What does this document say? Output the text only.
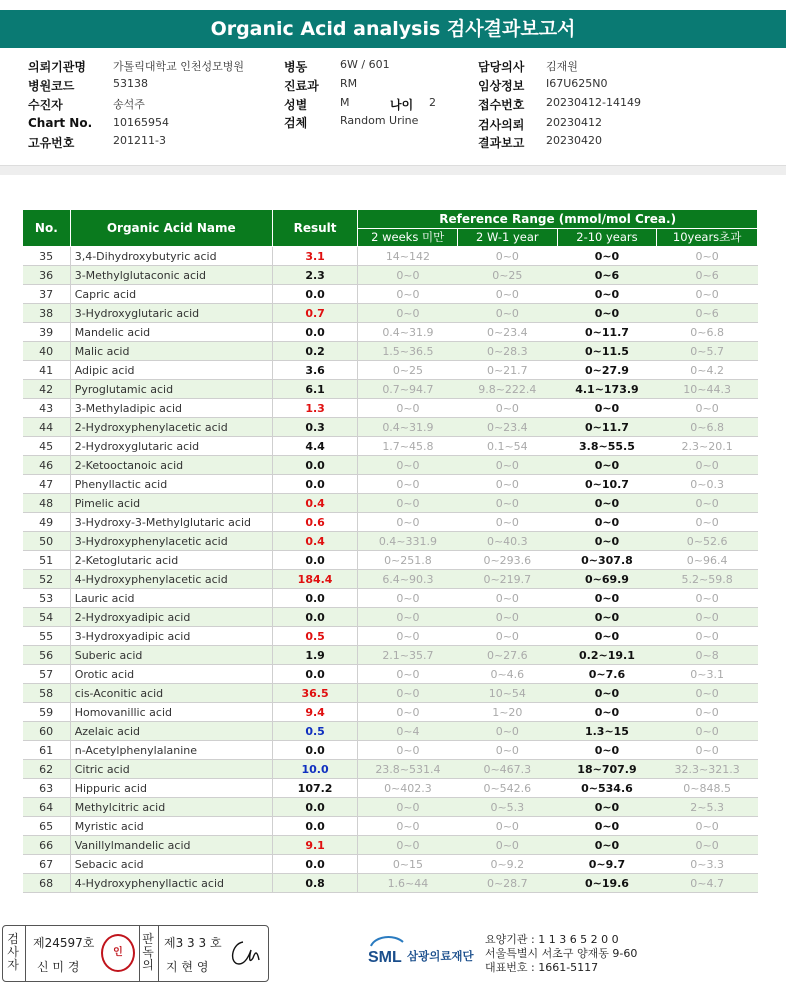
Organic Acid analysis 검사결과보고서
의뢰기관명 가톨릭대학교 인천성모병원
병원코드	53138
수진자	송석주
Chart No. 10165954
고유번호	201211-3
병동	6W / 601
진료과 RM
성별	M	나이 2
검체	Random Urine
담당의사 김재원
임상정보 I67U625N0
접수번호 20230412-14149
검사의뢰 20230412
결과보고 20230420
No.	Organic Acid Name	Result	Reference Range (mmol/mol Crea.)			
			2 weeks 미만	2 W-1 year	2-10 years	10years초과
35	3,4-Dihydroxybutyric acid	3.1	14~142	0~0	0~0	0~0
36	3-Methylglutaconic acid	2.3	0~0	0~25	0~6	0~6
37	Capric acid	0.0	0~0	0~0	0~0	0~0
38	3-Hydroxyglutaric acid	0.7	0~0	0~0	0~0	0~6
39	Mandelic acid	0.0	0.4~31.9	0~23.4	0~11.7	0~6.8
40	Malic acid	0.2	1.5~36.5	0~28.3	0~11.5	0~5.7
41	Adipic acid	3.6	0~25	0~21.7	0~27.9	0~4.2
42	Pyroglutamic acid	6.1	0.7~94.7	9.8~222.4	4.1~173.9	10~44.3
43	3-Methyladipic acid	1.3	0~0	0~0	0~0	0~0
44	2-Hydroxyphenylacetic acid	0.3	0.4~31.9	0~23.4	0~11.7	0~6.8
45	2-Hydroxyglutaric acid	4.4	1.7~45.8	0.1~54	3.8~55.5	2.3~20.1
46	2-Ketooctanoic acid	0.0	0~0	0~0	0~0	0~0
47	Phenyllactic acid	0.0	0~0	0~0	0~10.7	0~0.3
48	Pimelic acid	0.4	0~0	0~0	0~0	0~0
49	3-Hydroxy-3-Methylglutaric acid	0.6	0~0	0~0	0~0	0~0
50	3-Hydroxyphenylacetic acid	0.4	0.4~331.9	0~40.3	0~0	0~52.6
51	2-Ketoglutaric acid	0.0	0~251.8	0~293.6	0~307.8	0~96.4
52	4-Hydroxyphenylacetic acid	184.4	6.4~90.3	0~219.7	0~69.9	5.2~59.8
53	Lauric acid	0.0	0~0	0~0	0~0	0~0
54	2-Hydroxyadipic acid	0.0	0~0	0~0	0~0	0~0
55	3-Hydroxyadipic acid	0.5	0~0	0~0	0~0	0~0
56	Suberic acid	1.9	2.1~35.7	0~27.6	0.2~19.1	0~8
57	Orotic acid	0.0	0~0	0~4.6	0~7.6	0~3.1
58	cis-Aconitic acid	36.5	0~0	10~54	0~0	0~0
59	Homovanillic acid	9.4	0~0	1~20	0~0	0~0
60	Azelaic acid	0.5	0~4	0~0	1.3~15	0~0
61	n-Acetylphenylalanine	0.0	0~0	0~0	0~0	0~0
62	Citric acid	10.0	23.8~531.4	0~467.3	18~707.9	32.3~321.3
63	Hippuric acid	107.2	0~402.3	0~542.6	0~534.6	0~848.5
64	Methylcitric acid	0.0	0~0	0~5.3	0~0	2~5.3
65	Myristic acid	0.0	0~0	0~0	0~0	0~0
66	Vanillylmandelic acid	9.1	0~0	0~0	0~0	0~0
67	Sebacic acid	0.0	0~15	0~9.2	0~9.7	0~3.3
68	4-Hydroxyphenyllactic acid	0.8	1.6~44	0~28.7	0~19.6	0~4.7
검사자
제24597호
신 미 경
인
판독의
제3 3 3 호
지 현 영
SML 삼광의료재단
요양기관 : 1 1 3 6 5 2 0 0
서울특별시 서초구 양재동 9-60
대표번호 : 1661-5117
